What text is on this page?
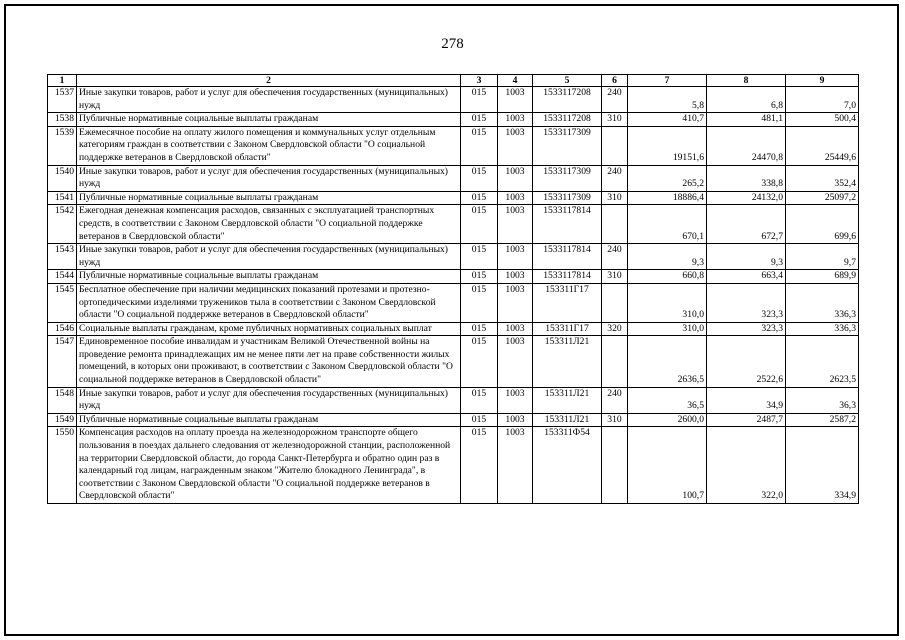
278
1	2	3	4	5	6	7	8	9
1537	Иные закупки товаров, работ и услуг для обеспечения государственных (муниципальных) нужд	015	1003	1533117208	240	5,8	6,8	7,0
1538	Публичные нормативные социальные выплаты гражданам	015	1003	1533117208	310	410,7	481,1	500,4
1539	Ежемесячное пособие на оплату жилого помещения и коммунальных услуг отдельным категориям граждан в соответствии с Законом Свердловской области "О социальной поддержке ветеранов в Свердловской области"	015	1003	1533117309		19151,6	24470,8	25449,6
1540	Иные закупки товаров, работ и услуг для обеспечения государственных (муниципальных) нужд	015	1003	1533117309	240	265,2	338,8	352,4
1541	Публичные нормативные социальные выплаты гражданам	015	1003	1533117309	310	18886,4	24132,0	25097,2
1542	Ежегодная денежная компенсация расходов, связанных с эксплуатацией транспортных средств, в соответствии с Законом Свердловской области "О социальной поддержке ветеранов в Свердловской области"	015	1003	1533117814		670,1	672,7	699,6
1543	Иные закупки товаров, работ и услуг для обеспечения государственных (муниципальных) нужд	015	1003	1533117814	240	9,3	9,3	9,7
1544	Публичные нормативные социальные выплаты гражданам	015	1003	1533117814	310	660,8	663,4	689,9
1545	Бесплатное обеспечение при наличии медицинских показаний протезами и протезно-ортопедическими изделиями тружеников тыла в соответствии с Законом Свердловской области "О социальной поддержке ветеранов в Свердловской области"	015	1003	153311Г17		310,0	323,3	336,3
1546	Социальные выплаты гражданам, кроме публичных нормативных социальных выплат	015	1003	153311Г17	320	310,0	323,3	336,3
1547	Единовременное пособие инвалидам и участникам Великой Отечественной войны на проведение ремонта принадлежащих им не менее пяти лет на праве собственности жилых помещений, в которых они проживают, в соответствии с Законом Свердловской области "О социальной поддержке ветеранов в Свердловской области"	015	1003	153311Л21		2636,5	2522,6	2623,5
1548	Иные закупки товаров, работ и услуг для обеспечения государственных (муниципальных) нужд	015	1003	153311Л21	240	36,5	34,9	36,3
1549	Публичные нормативные социальные выплаты гражданам	015	1003	153311Л21	310	2600,0	2487,7	2587,2
1550	Компенсация расходов на оплату проезда на железнодорожном транспорте общего пользования в поездах дальнего следования от железнодорожной станции, расположенной на территории Свердловской области, до города Санкт-Петербурга и обратно один раз в календарный год лицам, награжденным знаком "Жителю блокадного Ленинграда", в соответствии с Законом Свердловской области "О социальной поддержке ветеранов в Свердловской области"	015	1003	153311Ф54		100,7	322,0	334,9
